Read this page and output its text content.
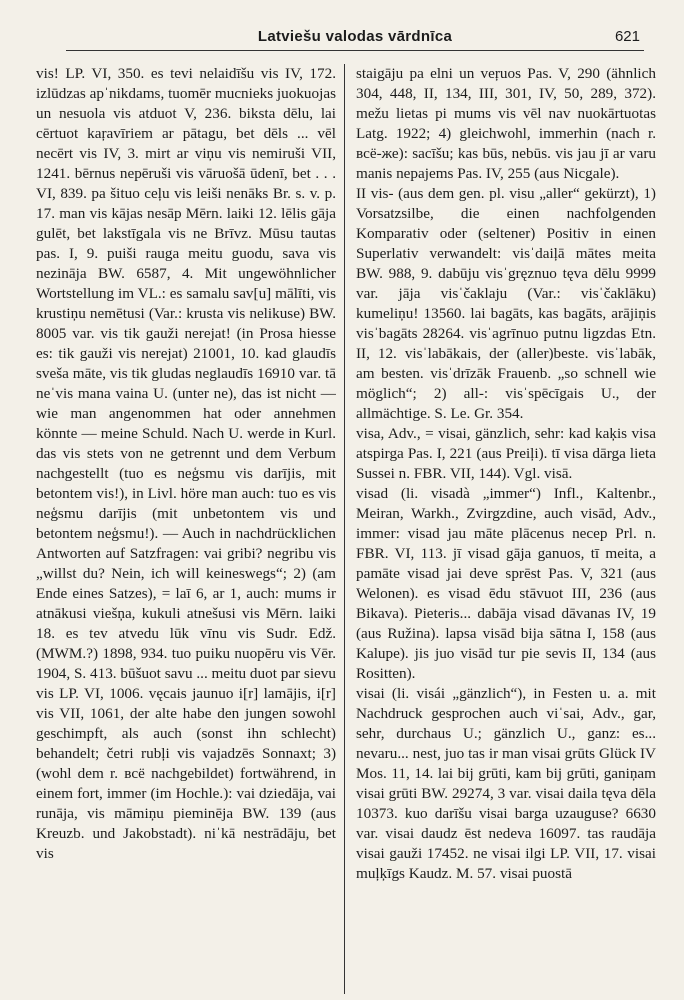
Latviešu valodas vārdnīca	621

vis! LP. VI, 350. es tevi nelaidīšu vis IV, 172. izlūdzas apˈnikdams, tuomēr mucnieks juokuojas un nesuola vis atduot V, 236. biksta dēlu, lai cērtuot kaŗavīriem ar pātagu, bet dēls ... vēl necērt vis IV, 3. mirt ar viņu vis nemiruši VII, 1241. bērnus nepēruši vis vāruošā ūdenī, bet . . . VI, 839. pa šituo ceļu vis leiši nenāks Br. s. v. p. 17. man vis kājas nesāp Mērn. laiki 12. lēlis gāja gulēt, bet lakstīgala vis ne Brīvz. Mūsu tautas pas. I, 9. puiši rauga meitu guodu, sava vis nezināja BW. 6587, 4. Mit ungewöhnlicher Wortstellung im VL.: es samalu sav[u] mālīti, vis krustiņu nemētusi (Var.: krusta vis nelikuse) BW. 8005 var. vis tik gauži nerejat! (in Prosa hiesse es: tik gauži vis nerejat) 21001, 10. kad glaudīs sveša māte, vis tik gludas neglaudīs 16910 var. tā neˈvis mana vaina U. (unter ne), das ist nicht — wie man angenommen hat oder annehmen könnte — meine Schuld. Nach U. werde in Kurl. das vis stets von ne getrennt und dem Verbum nachgestellt (tuo es neģsmu vis darījis, mit betontem vis!), in Livl. höre man auch: tuo es vis neģsmu darījis (mit unbetontem vis und betontem neģsmu!). — Auch in nachdrücklichen Antworten auf Satzfragen: vai gribi? negribu vis „willst du? Nein, ich will keineswegs“; 2) (am Ende eines Satzes), = laī 6, ar 1, auch: mums ir atnākusi viešņa, kukuli atnešusi vis Mērn. laiki 18. es tev atvedu lūk vīnu vis Sudr. Edž. (MWM.?) 1898, 934. tuo puiku nuopēru vis Vēr. 1904, S. 413. būšuot savu ... meitu duot par sievu vis LP. VI, 1006. vęcais jaunuo i[r] lamājis, i[r] vis VII, 1061, der alte habe den jungen sowohl geschimpft, als auch (sonst ihn schlecht) behandelt; četri rubļi vis vajadzēs Sonnaxt; 3) (wohl dem r. всё nachgebildet) fortwährend, in einem fort, immer (im Hochle.): vai dziedāja, vai runāja, vis māmiņu pieminēja BW. 139 (aus Kreuzb. und Jakobstadt). niˈkā nestrādāju, bet vis

staigāju pa elni un veŗuos Pas. V, 290 (ähnlich 304, 448, II, 134, III, 301, IV, 50, 289, 372). mežu lietas pi mums vis vēl nav nuokārtuotas Latg. 1922; 4) gleichwohl, immerhin (nach r. всё-же): sacīšu; kas būs, nebūs. vis jau jī ar varu manis nepajems Pas. IV, 255 (aus Nicgale).

II vis- (aus dem gen. pl. visu „aller“ gekürzt), 1) Vorsatzsilbe, die einen nachfolgenden Komparativ oder (seltener) Positiv in einen Superlativ verwandelt: visˈdaiļā mātes meita BW. 988, 9. dabūju visˈgręznuo tęva dēlu 9999 var. jāja visˈčaklaju (Var.: visˈčaklāku) kumeliņu! 13560. lai bagāts, kas bagāts, arājiņis visˈbagāts 28264. visˈagrīnuo putnu ligzdas Etn. II, 12. visˈlabākais, der (aller)beste. visˈlabāk, am besten. visˈdrīzāk Frauenb. „so schnell wie möglich“; 2) all-: visˈspēcīgais U., der allmächtige. S. Le. Gr. 354.

visa, Adv., = visai, gänzlich, sehr: kad kaķis visa atspirga Pas. I, 221 (aus Preiļi). tī visa dārga lieta Sussei n. FBR. VII, 144). Vgl. visā.

visad (li. visadà „immer“) Infl., Kaltenbr., Meiran, Warkh., Zvirgzdine, auch visād, Adv., immer: visad jau māte plācenus necep Prl. n. FBR. VI, 113. jī visad gāja ganuos, tī meita, a pamāte visad jai deve sprēst Pas. V, 321 (aus Welonen). es visad ēdu stāvuot III, 236 (aus Bikava). Pieteris... dabāja visad dāvanas IV, 19 (aus Ružina). lapsa visād bija sātna I, 158 (aus Kalupe). jis juo visād tur pie sevis II, 134 (aus Rositten).

visai (li. visái „gänzlich“), in Festen u. a. mit Nachdruck gesprochen auch viˈsai, Adv., gar, sehr, durchaus U.; gänzlich U., ganz: es... nevaru... nest, juo tas ir man visai grūts Glück IV Mos. 11, 14. lai bij grūti, kam bij grūti, ganiņam visai grūti BW. 29274, 3 var. visai daila tęva dēla 10373. kuo darīšu visai barga uzauguse? 6630 var. visai daudz ēst nedeva 16097. tas raudāja visai gauži 17452. ne visai ilgi LP. VII, 17. visai muļķīgs Kaudz. M. 57. visai puostā
